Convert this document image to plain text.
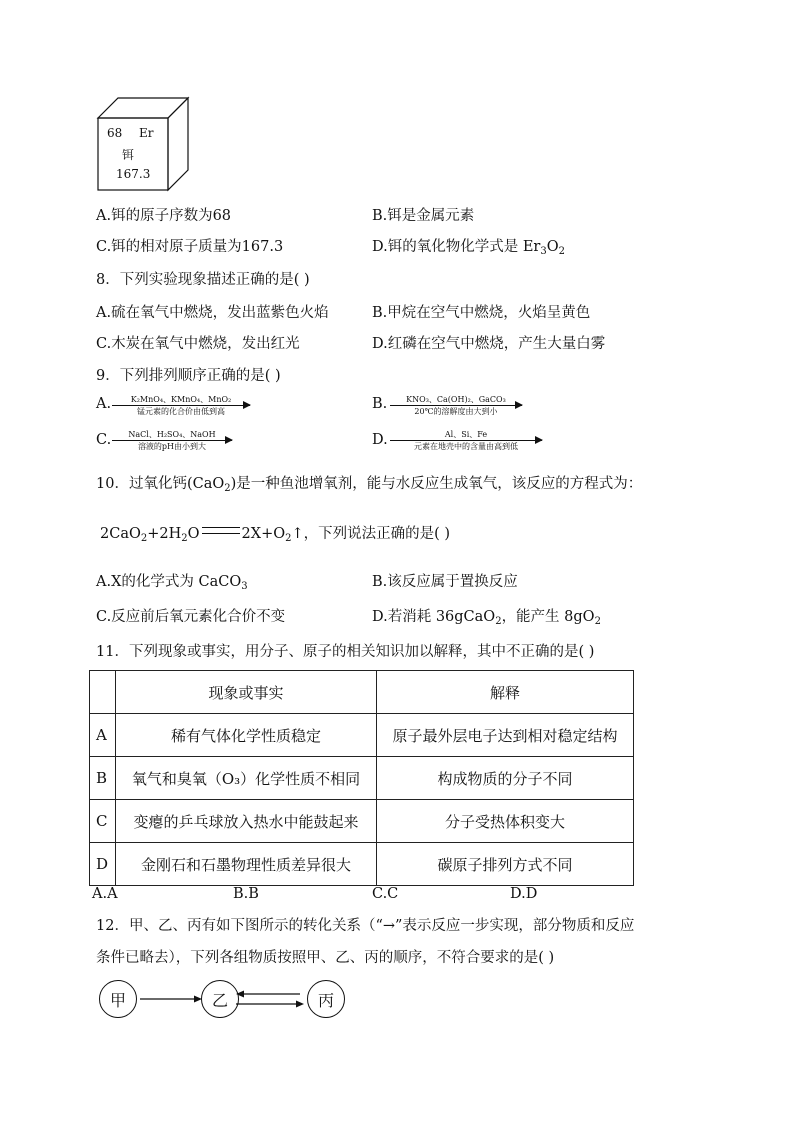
68 Er
铒
167.3
A.铒的原子序数为68	B.铒是金属元素
C.铒的相对原子质量为167.3	D.铒的氧化物化学式是 $Er_3O_2$
8．下列实验现象描述正确的是( )
A.硫在氧气中燃烧，发出蓝紫色火焰	B.甲烷在空气中燃烧，火焰呈黄色
C.木炭在氧气中燃烧，发出红光	D.红磷在空气中燃烧，产生大量白雾
9．下列排列顺序正确的是( )
A.	K₂MnO₄、KMnO₄、MnO₂
锰元素的化合价由低到高	B.	KNO₃、Ca(OH)₂、GaCO₃
20℃的溶解度由大到小
C.	NaCl、H₂SO₄、NaOH
溶液的pH由小到大	D.	Al、Si、Fe
元素在地壳中的含量由高到低
10．过氧化钙(CaO$_2$)是一种鱼池增氧剂，能与水反应生成氧气，该反应的方程式为：
$2CaO_2+2H_2O$	$2X+O_2↑$，下列说法正确的是( )
A.X的化学式为 CaCO$_3$	B.该反应属于置换反应
C.反应前后氧元素化合价不变	D.若消耗 36gCaO$_2$，能产生 $8gO_2$
11．下列现象或事实，用分子、原子的相关知识加以解释，其中不正确的是( )
	现象或事实	解释
A	稀有气体化学性质稳定	原子最外层电子达到相对稳定结构
B	氧气和臭氧（O₃）化学性质不相同	构成物质的分子不同
C	变瘪的乒乓球放入热水中能鼓起来	分子受热体积变大
D	金刚石和石墨物理性质差异很大	碳原子排列方式不同
A.A	B.B	C.C	D.D
12．甲、乙、丙有如下图所示的转化关系（“→”表示反应一步实现，部分物质和反应
条件已略去），下列各组物质按照甲、乙、丙的顺序，不符合要求的是( )
甲	乙	丙
